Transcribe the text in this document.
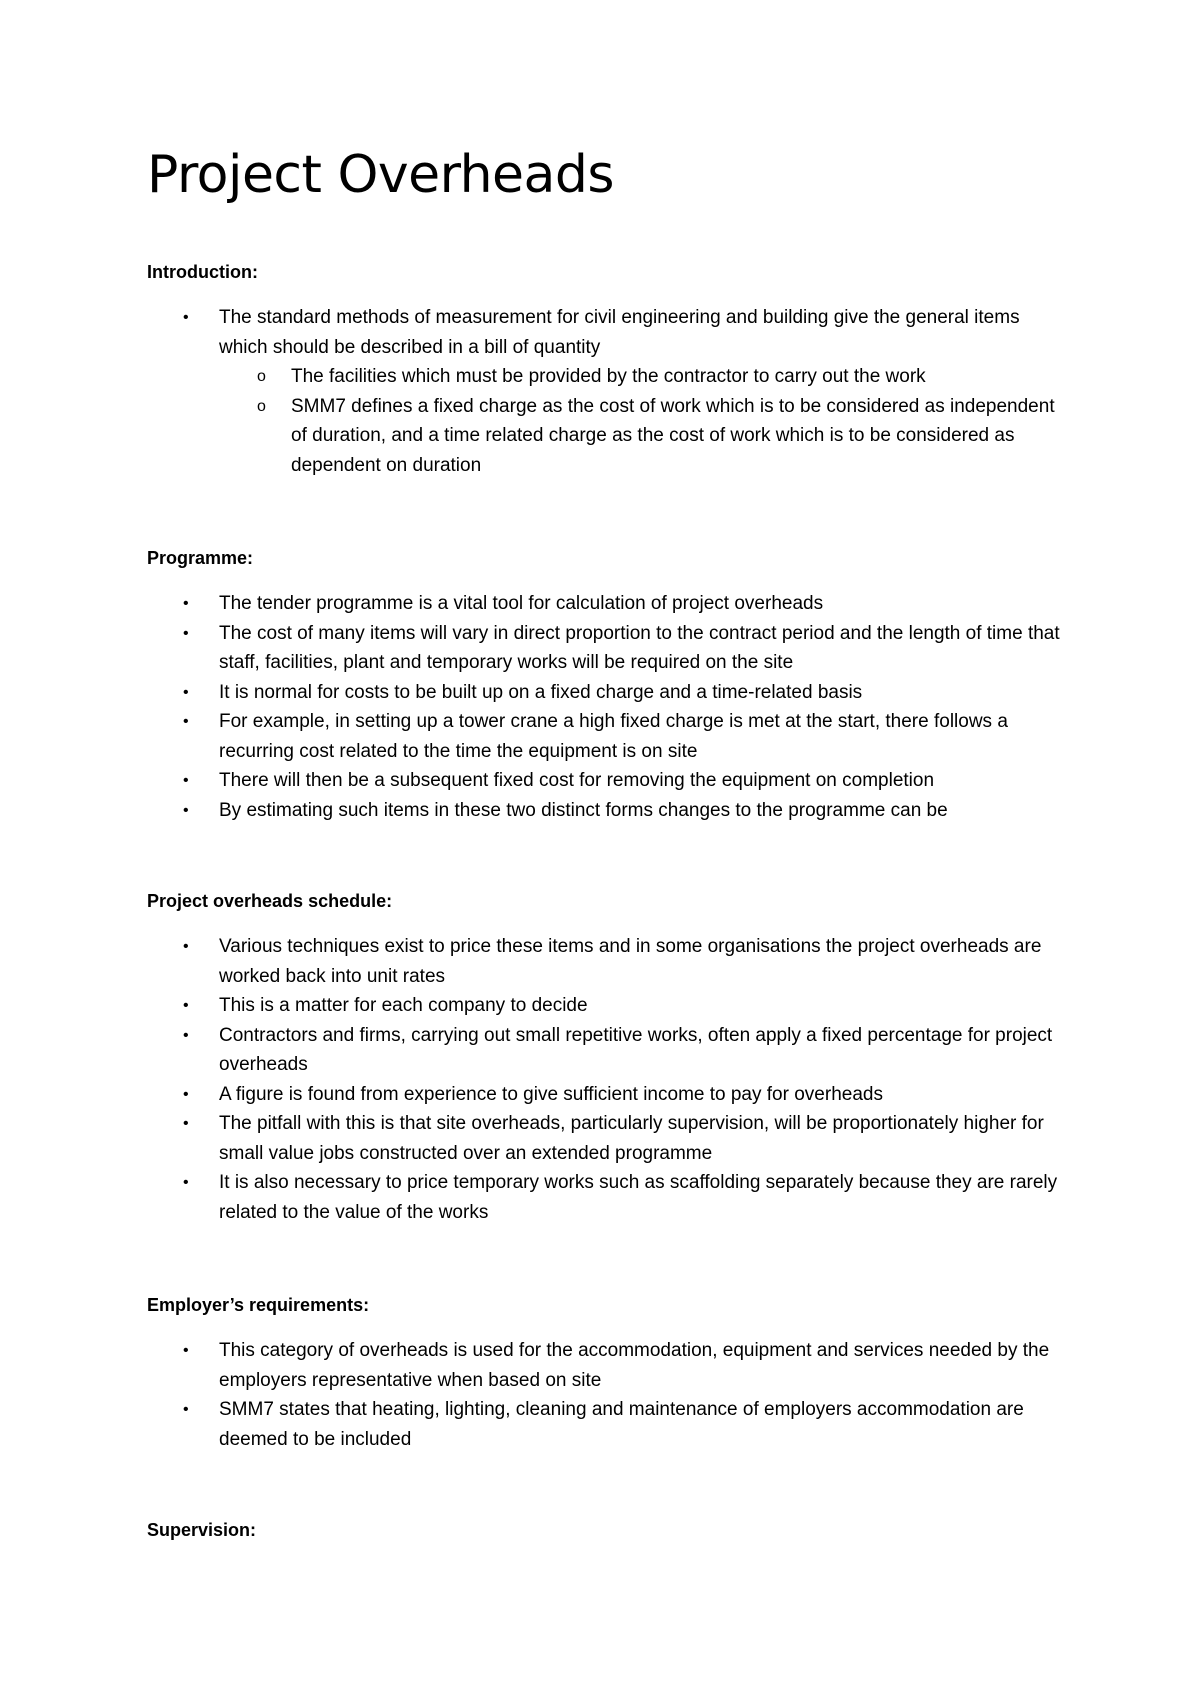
Project Overheads
Introduction:
• The standard methods of measurement for civil engineering and building give the general items which should be described in a bill of quantity
o The facilities which must be provided by the contractor to carry out the work
o SMM7 defines a fixed charge as the cost of work which is to be considered as independent of duration, and a time related charge as the cost of work which is to be considered as dependent on duration
Programme:
• The tender programme is a vital tool for calculation of project overheads
• The cost of many items will vary in direct proportion to the contract period and the length of time that staff, facilities, plant and temporary works will be required on the site
• It is normal for costs to be built up on a fixed charge and a time-related basis
• For example, in setting up a tower crane a high fixed charge is met at the start, there follows a recurring cost related to the time the equipment is on site
• There will then be a subsequent fixed cost for removing the equipment on completion
• By estimating such items in these two distinct forms changes to the programme can be
Project overheads schedule:
• Various techniques exist to price these items and in some organisations the project overheads are worked back into unit rates
• This is a matter for each company to decide
• Contractors and firms, carrying out small repetitive works, often apply a fixed percentage for project overheads
• A figure is found from experience to give sufficient income to pay for overheads
• The pitfall with this is that site overheads, particularly supervision, will be proportionately higher for small value jobs constructed over an extended programme
• It is also necessary to price temporary works such as scaffolding separately because they are rarely related to the value of the works
Employer’s requirements:
• This category of overheads is used for the accommodation, equipment and services needed by the employers representative when based on site
• SMM7 states that heating, lighting, cleaning and maintenance of employers accommodation are deemed to be included
Supervision:
